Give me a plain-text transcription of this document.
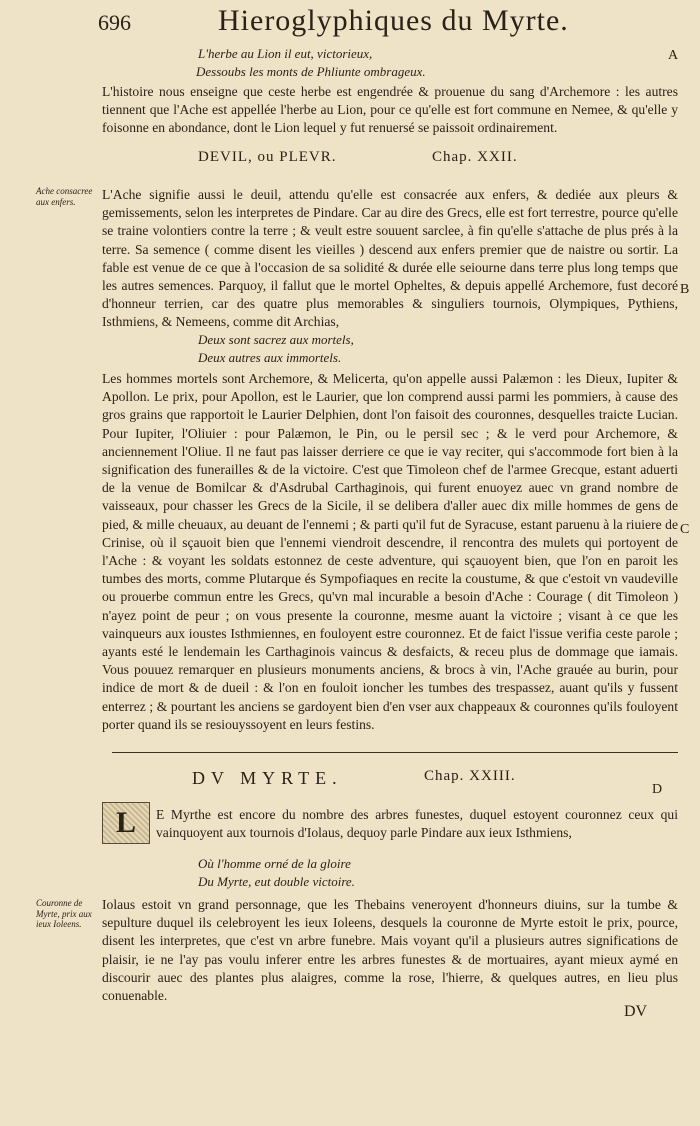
696	Hieroglyphiques du Myrte.
A
B
C
D
L'herbe au Lion il eut, victorieux,
Dessoubs les monts de Phliunte ombrageux.
L'histoire nous enseigne que ceste herbe est engendrée & prouenue du sang d'Archemore : les autres tiennent que l'Ache est appellée l'herbe au Lion, pour ce qu'elle est fort commune en Nemee, & qu'elle y foisonne en abondance, dont le Lion lequel y fut renuersé se paissoit ordinairement.
DEVIL, ou PLEVR.	Chap. XXII.
Ache consacree aux enfers.	L'Ache signifie aussi le deuil, attendu qu'elle est consacrée aux enfers, & dediée aux pleurs & gemissements, selon les interpretes de Pindare. Car au dire des Grecs, elle est fort terrestre, pource qu'elle se traine volontiers contre la terre ; & veult estre souuent sarclee, à fin qu'elle s'attache de plus prés à la terre. Sa semence ( comme disent les vieilles ) descend aux enfers premier que de naistre ou sortir. La fable est venue de ce que à l'occasion de sa solidité & durée elle seiourne dans terre plus long temps que les autres semences. Parquoy, il fallut que le mortel Opheltes, & depuis appellé Archemore, fust decoré d'honneur terrien, car des quatre plus memorables & singuliers tournois, Olympiques, Pythiens, Isthmiens, & Nemeens, comme dit Archias,
Deux sont sacrez aux mortels,
Deux autres aux immortels.
Les hommes mortels sont Archemore, & Melicerta, qu'on appelle aussi Palæmon : les Dieux, Iupiter & Apollon. Le prix, pour Apollon, est le Laurier, que lon comprend aussi parmi les pommiers, à cause des gros grains que rapportoit le Laurier Delphien, dont l'on faisoit des couronnes, desquelles traicte Lucian. Pour Iupiter, l'Oliuier : pour Palæmon, le Pin, ou le persil sec ; & le verd pour Archemore, & anciennement l'Oliue. Il ne faut pas laisser derriere ce que ie vay reciter, qui s'accommode fort bien à la signification des funerailles & de la victoire. C'est que Timoleon chef de l'armee Grecque, estant aduerti de la venue de Bomilcar & d'Asdrubal Carthaginois, qui furent enuoyez auec vn grand nombre de vaisseaux, pour chasser les Grecs de la Sicile, il se delibera d'aller auec dix mille hommes de gens de pied, & mille cheuaux, au deuant de l'ennemi ; & parti qu'il fut de Syracuse, estant paruenu à la riuiere de Crinise, où il sçauoit bien que l'ennemi viendroit descendre, il rencontra des mulets qui portoyent de l'Ache : & voyant les soldats estonnez de ceste adventure, qui sçauoyent bien, que l'on en paroit les tumbes des morts, comme Plutarque és Sympofiaques en recite la coustume, & que c'estoit vn vaudeville ou prouerbe commun entre les Grecs, qu'vn mal incurable a besoin d'Ache : Courage ( dit Timoleon ) n'ayez point de peur ; on vous presente la couronne, mesme auant la victoire ; visant à ce que les vainqueurs aux ioustes Isthmiennes, en fouloyent estre couronnez. Et de faict l'issue verifia ceste parole ; ayants esté le lendemain les Carthaginois vaincus & desfaicts, & receu plus de dommage que iamais. Vous pouuez remarquer en plusieurs monuments anciens, & brocs à vin, l'Ache grauée au burin, pour indice de mort & de dueil : & l'on en fouloit ioncher les tumbes des trespassez, auant qu'ils y fussent enterrez ; & pourtant les anciens se gardoyent bien d'en vser aux chappeaux & couronnes qu'ils fouloyent porter quand ils se resiouyssoyent en leurs festins.
DV MYRTE.	Chap. XXIII.
L	E Myrthe est encore du nombre des arbres funestes, duquel estoyent couronnez ceux qui vainquoyent aux tournois d'Iolaus, dequoy parle Pindare aux ieux Isthmiens,
Où l'homme orné de la gloire
Du Myrte, eut double victoire.
Couronne de Myrte, prix aux ieux Ioleens.
Iolaus estoit vn grand personnage, que les Thebains veneroyent d'honneurs diuins, sur la tumbe & sepulture duquel ils celebroyent les ieux Ioleens, desquels la couronne de Myrte estoit le prix, pource, disent les interpretes, que c'est vn arbre funebre. Mais voyant qu'il a plusieurs autres significations de plaisir, ie ne l'ay pas voulu inferer entre les arbres funestes & de mortuaires, ayant mieux aymé en discourir auec des plantes plus alaigres, comme la rose, l'hierre, & quelques autres, en lieu plus conuenable.
DV
